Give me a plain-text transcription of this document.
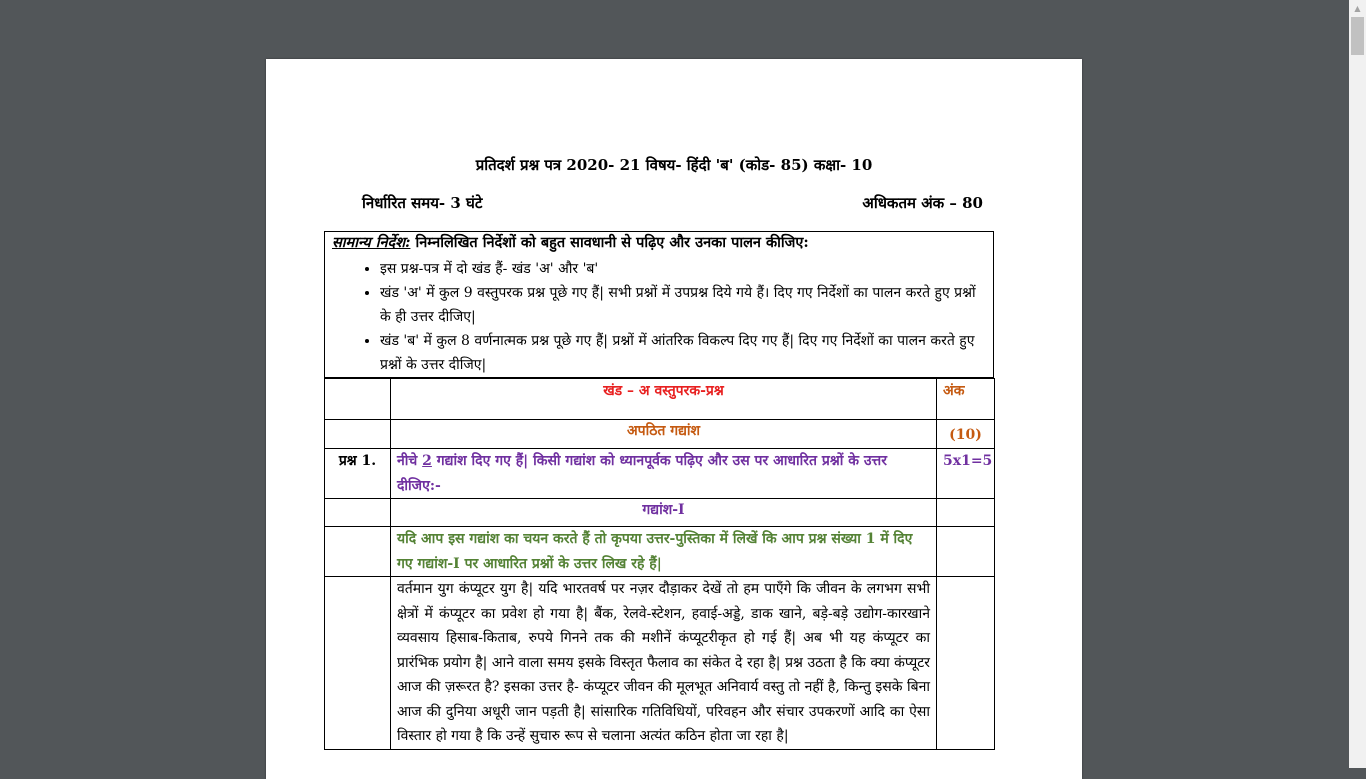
▲
प्रतिदर्श प्रश्न पत्र 2020- 21 विषय- हिंदी 'ब' (कोड- 85) कक्षा- 10
निर्धारित समय- 3 घंटे	अधिकतम अंक – 80
सामान्य निर्देश: निम्नलिखित निर्देशों को बहुत सावधानी से पढ़िए और उनका पालन कीजिए:
• इस प्रश्न-पत्र में दो खंड हैं- खंड 'अ' और 'ब'
• खंड 'अ' में कुल 9 वस्तुपरक प्रश्न पूछे गए हैं| सभी प्रश्नों में उपप्रश्न दिये गये हैं। दिए गए निर्देशों का पालन करते हुए प्रश्नों के ही उत्तर दीजिए|
• खंड 'ब' में कुल 8 वर्णनात्मक प्रश्न पूछे गए हैं| प्रश्नों में आंतरिक विकल्प दिए गए हैं| दिए गए निर्देशों का पालन करते हुए प्रश्नों के उत्तर दीजिए|
	खंड – अ वस्तुपरक-प्रश्न	अंक
	अपठित गद्यांश	(10)
प्रश्न 1.	नीचे 2 गद्यांश दिए गए हैं| किसी गद्यांश को ध्यानपूर्वक पढ़िए और उस पर आधारित प्रश्नों के उत्तर दीजिए:-	5x1=5
	गद्यांश-I	
	यदि आप इस गद्यांश का चयन करते हैं तो कृपया उत्तर-पुस्तिका में लिखें कि आप प्रश्न संख्या 1 में दिए गए गद्यांश-I पर आधारित प्रश्नों के उत्तर लिख रहे हैं|	
	वर्तमान युग कंप्यूटर युग है| यदि भारतवर्ष पर नज़र दौड़ाकर देखें तो हम पाएँगे कि जीवन के लगभग सभी क्षेत्रों में कंप्यूटर का प्रवेश हो गया है| बैंक, रेलवे-स्टेशन, हवाई-अड्डे, डाक खाने, बड़े-बड़े उद्योग-कारखाने व्यवसाय हिसाब-किताब, रुपये गिनने तक की मशीनें कंप्यूटरीकृत हो गई हैं| अब भी यह कंप्यूटर का प्रारंभिक प्रयोग है| आने वाला समय इसके विस्तृत फैलाव का संकेत दे रहा है| प्रश्न उठता है कि क्या कंप्यूटर आज की ज़रूरत है? इसका उत्तर है- कंप्यूटर जीवन की मूलभूत अनिवार्य वस्तु तो नहीं है, किन्तु इसके बिना आज की दुनिया अधूरी जान पड़ती है| सांसारिक गतिविधियों, परिवहन और संचार उपकरणों आदि का ऐसा विस्तार हो गया है कि उन्हें सुचारु रूप से चलाना अत्यंत कठिन होता जा रहा है|	
